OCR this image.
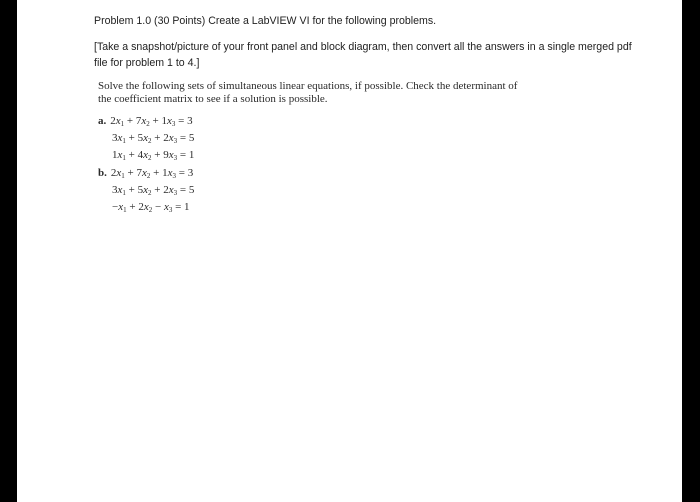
Problem 1.0 (30 Points) Create a LabVIEW VI for the following problems.
[Take a snapshot/picture of your front panel and block diagram, then convert all the answers in a single merged pdf file for problem 1 to 4.]
Solve the following sets of simultaneous linear equations, if possible. Check the determinant of the coefficient matrix to see if a solution is possible.
a. $2x_1 + 7x_2 + 1x_3 = 3$
$3x_1 + 5x_2 + 2x_3 = 5$
$1x_1 + 4x_2 + 9x_3 = 1$
b. $2x_1 + 7x_2 + 1x_3 = 3$
$3x_1 + 5x_2 + 2x_3 = 5$
$-x_1 + 2x_2 - x_3 = 1$
